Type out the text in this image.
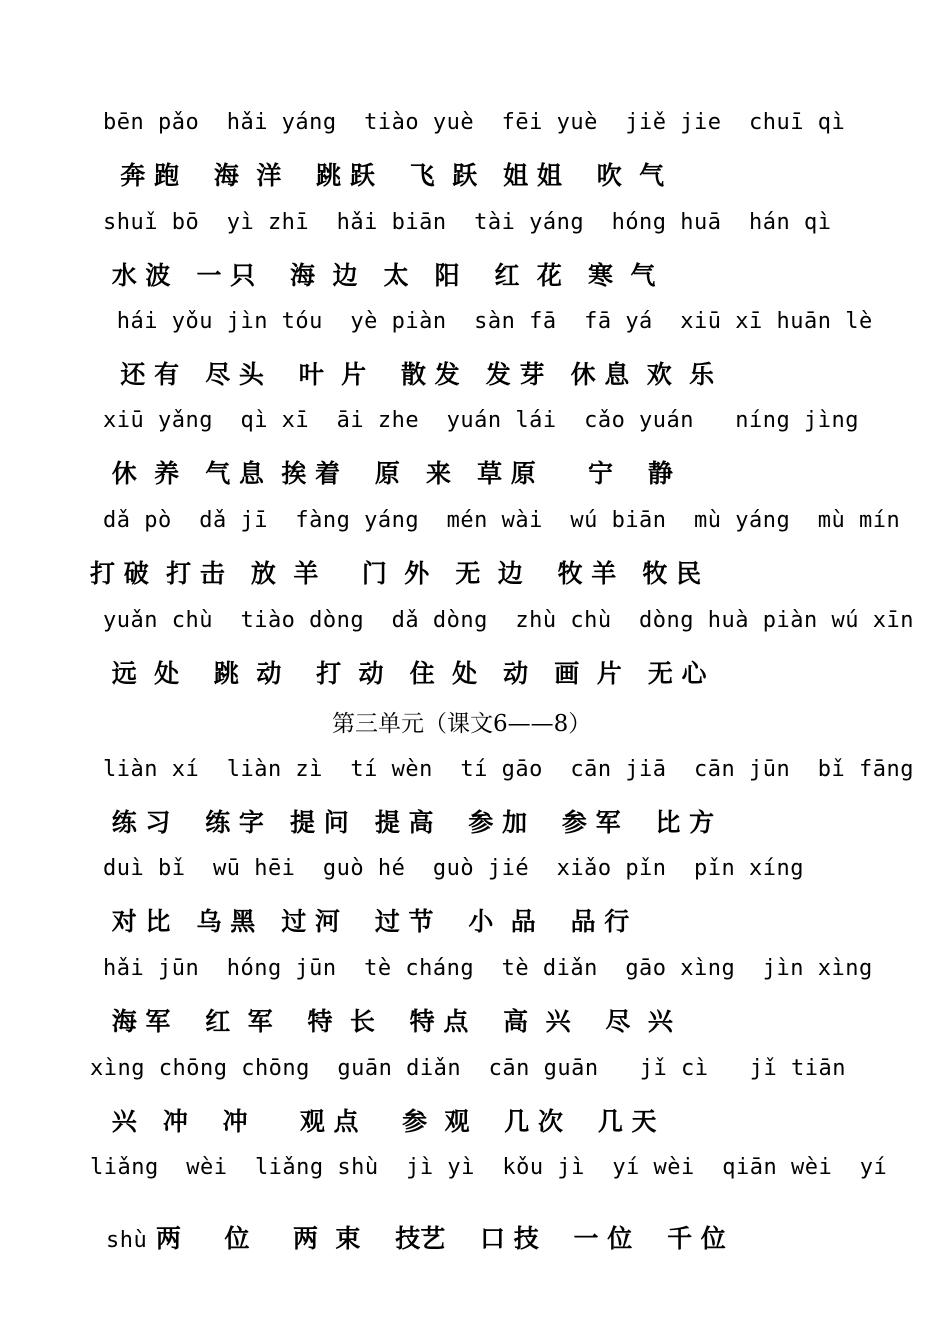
bēn pǎo  hǎi yáng  tiào yuè  fēi yuè  jiě jie  chuī qì
奔 跑    海  洋    跳 跃    飞  跃   姐 姐    吹  气
shuǐ bō  yì zhī  hǎi biān  tài yáng  hóng huā  hán qì
水 波   一 只    海  边   太   阳    红  花   寒  气
hái yǒu jìn tóu  yè piàn  sàn fā  fā yá  xiū xī huān lè
还 有   尽 头    叶  片    散 发   发 芽   休 息  欢  乐
xiū yǎng  qì xī  āi zhe  yuán lái  cǎo yuán   níng jìng
休  养   气 息  挨 着    原   来   草 原      宁    静
dǎ pò  dǎ jī  fàng yáng  mén wài  wú biān  mù yáng  mù mín
打 破  打 击   放  羊     门  外   无  边    牧 羊   牧 民
yuǎn chù  tiào dòng  dǎ dòng  zhù chù  dòng huà piàn wú xīn
远  处    跳  动    打  动   住  处   动   画  片   无 心
第三单元（课文6——8）
liàn xí  liàn zì  tí wèn  tí gāo  cān jiā  cān jūn  bǐ fāng
练 习    练 字   提 问   提 高    参 加    参 军    比 方
duì bǐ  wū hēi  guò hé  guò jié  xiǎo pǐn  pǐn xíng
对 比   乌 黑   过 河    过 节    小  品    品 行
hǎi jūn  hóng jūn  tè cháng  tè diǎn  gāo xìng  jìn xìng
海 军    红  军    特  长    特 点    高  兴    尽  兴
xìng chōng chōng  guān diǎn  cān guān   jǐ cì   jǐ tiān
兴   冲    冲      观 点     参  观    几 次    几 天
liǎng  wèi  liǎng shù  jì yì  kǒu jì  yí wèi  qiān wèi  yí

shù 两     位     两  束    技艺    口 技    一 位    千 位
